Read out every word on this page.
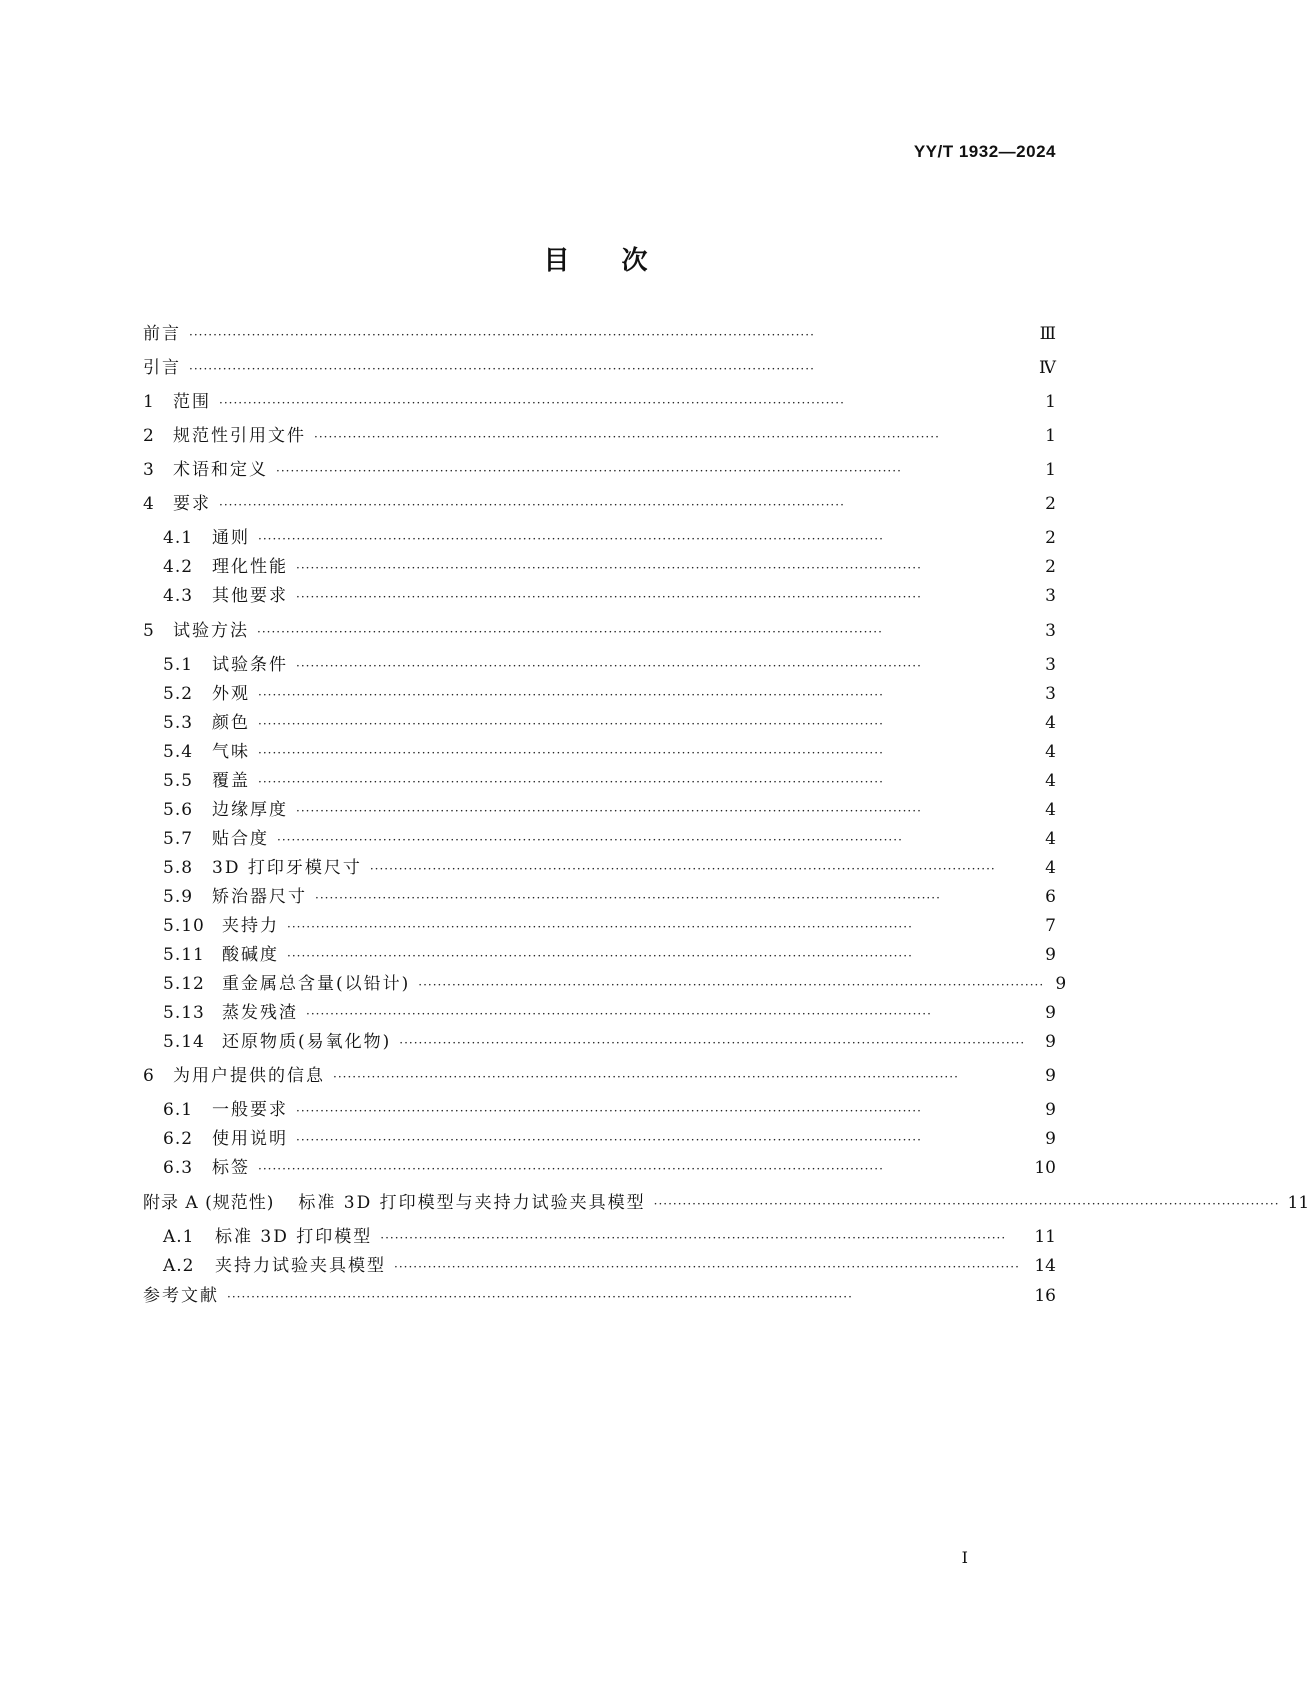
YY/T 1932—2024
目次
前言 ··································································································································	Ⅲ
引言 ··································································································································	Ⅳ
1	范围 ··································································································································	1
2	规范性引用文件 ··································································································································	1
3	术语和定义 ··································································································································	1
4	要求 ··································································································································	2
4.1	通则 ··································································································································	2
4.2	理化性能 ··································································································································	2
4.3	其他要求 ··································································································································	3
5	试验方法 ··································································································································	3
5.1	试验条件 ··································································································································	3
5.2	外观 ··································································································································	3
5.3	颜色 ··································································································································	4
5.4	气味 ··································································································································	4
5.5	覆盖 ··································································································································	4
5.6	边缘厚度 ··································································································································	4
5.7	贴合度 ··································································································································	4
5.8	3D 打印牙模尺寸 ··································································································································	4
5.9	矫治器尺寸 ··································································································································	6
5.10	夹持力 ··································································································································	7
5.11	酸碱度 ··································································································································	9
5.12	重金属总含量(以铅计) ·································································································································· 9
5.13	蒸发残渣 ··································································································································	9
5.14	还原物质(易氧化物) ··································································································································	9
6	为用户提供的信息 ··································································································································	9
6.1	一般要求 ··································································································································	9
6.2	使用说明 ··································································································································	9
6.3	标签 ··································································································································	10
附录 A (规范性) 标准 3D 打印模型与夹持力试验夹具模型 ·································································································································· 11
A.1	标准 3D 打印模型 ··································································································································	11
A.2	夹持力试验夹具模型 ·································································································································· 14
参考文献 ··································································································································	16
Ⅰ
